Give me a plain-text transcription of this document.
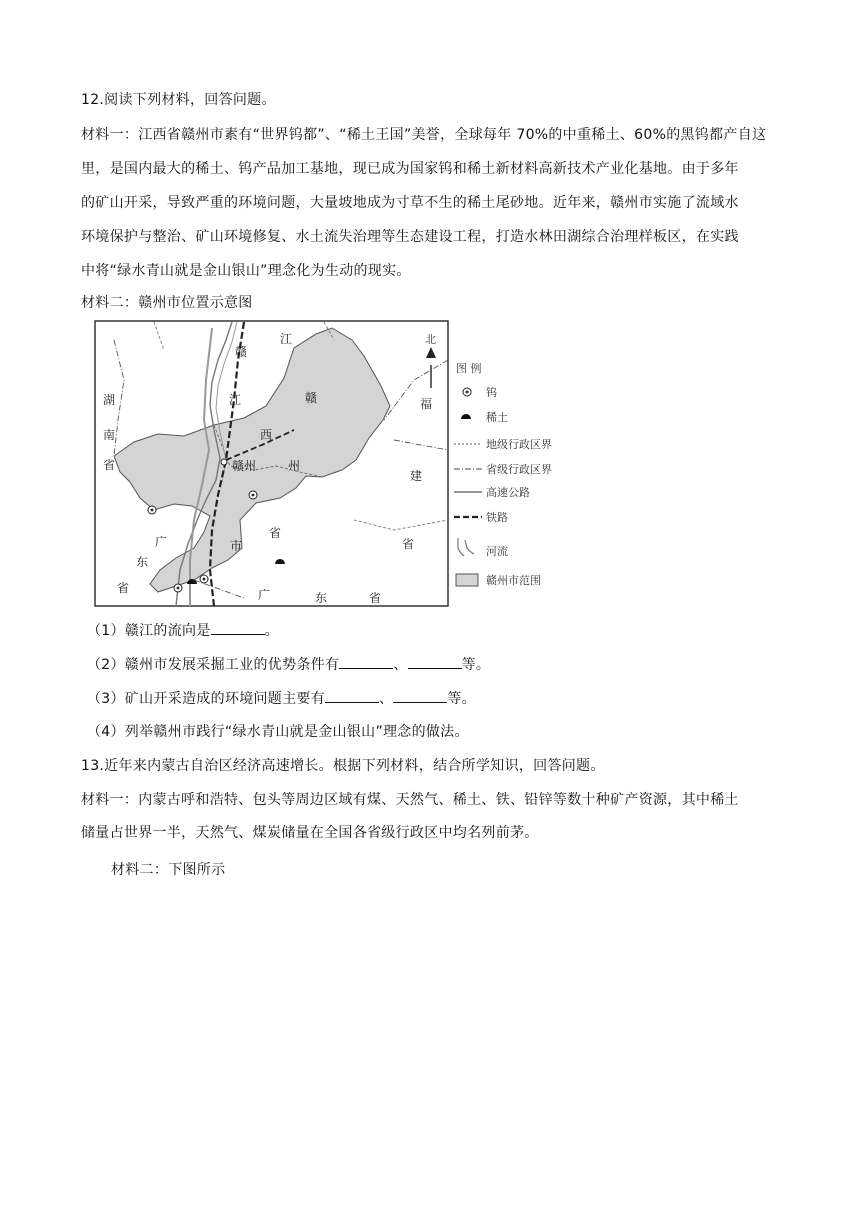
12.阅读下列材料，回答问题。
材料一：江西省赣州市素有“世界钨都”、“稀土王国”美誉，全球每年 70%的中重稀土、60%的黑钨都产自这
里，是国内最大的稀土、钨产品加工基地，现已成为国家钨和稀土新材料高新技术产业化基地。由于多年
的矿山开采，导致严重的环境问题，大量坡地成为寸草不生的稀土尾砂地。近年来，赣州市实施了流域水
环境保护与整治、矿山环境修复、水土流失治理等生态建设工程，打造水林田湖综合治理样板区，在实践
中将“绿水青山就是金山银山”理念化为生动的现实。
材料二：赣州市位置示意图
赣
江
江	赣
西
赣州	州
省
市
湖
南
省
福
建
省
东
广
省	广	东	省
北
图 例
钨
稀土
地级行政区界
省级行政区界
高速公路
铁路
河流
赣州市范围
（1）赣江的流向是	。
（2）赣州市发展采掘工业的优势条件有	、	等。
（3）矿山开采造成的环境问题主要有	、	等。
（4）列举赣州市践行“绿水青山就是金山银山”理念的做法。
13.近年来内蒙古自治区经济高速增长。根据下列材料，结合所学知识，回答问题。
材料一：内蒙古呼和浩特、包头等周边区域有煤、天然气、稀土、铁、铅锌等数十种矿产资源，其中稀土
储量占世界一半，天然气、煤炭储量在全国各省级行政区中均名列前茅。
材料二：下图所示
